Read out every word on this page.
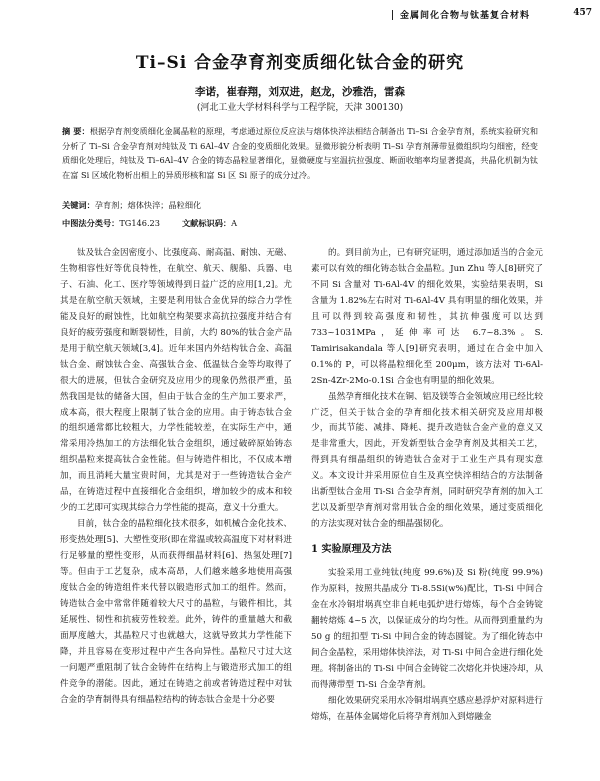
金属间化合物与钛基复合材料	457
Ti–Si 合金孕育剂变质细化钛合金的研究
李诺，崔春翔，刘双进，赵龙，沙雅浩，雷森
(河北工业大学材料科学与工程学院，天津 300130)
摘 要：根据孕育剂变质细化金属晶粒的原理，考虑通过原位反应法与熔体快淬法相结合制备出 Ti–Si 合金孕育剂，系统实验研究和分析了 Ti–Si 合金孕育剂对纯钛及 Ti 6Al–4V 合金的变质细化效果。显微形貌分析表明 Ti–Si 孕育剂薄带显微组织均匀细密，经变质细化处理后，纯钛及 Ti–6Al–4V 合金的铸态晶粒显著细化，显微硬度与室温抗拉强度、断面收缩率均显著提高，共晶化机制为钛在富 Si 区域化物析出相上的异质形核和富 Si 区 Si 原子的成分过冷。
关键词：孕育剂；熔体快淬；晶粒细化
中图法分类号：TG146.23	文献标识码：A

钛及钛合金因密度小、比强度高、耐高温、耐蚀、无磁、生物相容性好等优良特性，在航空、航天、舰船、兵器、电子、石油、化工、医疗等领域得到日益广泛的应用[1,2]。尤其是在航空航天领域，主要是利用钛合金优异的综合力学性能及良好的耐蚀性，比如航空构架要求高抗拉强度并结合有良好的疲劳强度和断裂韧性，目前，大约 80%的钛合金产品是用于航空航天领域[3,4]。近年来国内外结构钛合金、高温钛合金、耐蚀钛合金、高强钛合金、低温钛合金等均取得了很大的进展，但钛合金研究及应用少的现象仍然很严重，虽然我国是钛的储备大国，但由于钛合金的生产加工要求严，成本高，很大程度上限制了钛合金的应用。由于铸态钛合金的组织通常都比较粗大，力学性能较差，在实际生产中，通常采用冷热加工的方法细化钛合金组织，通过破碎原始铸态组织晶粒来提高钛合金性能。但与铸造件相比，不仅成本增加，而且消耗大量宝贵时间，尤其是对于一些铸造钛合金产品，在铸造过程中直接细化合金组织，增加较少的成本和较少的工艺即可实现其综合力学性能的提高，意义十分重大。

目前，钛合金的晶粒细化技术很多，如机械合金化技术、形变热处理[5]、大塑性变形(即在常温或较高温度下对材料进行足够量的塑性变形，从而获得细晶材料[6]、热氢处理[7]等。但由于工艺复杂，成本高昂，人们越来越多地使用高强度钛合金的铸造组件来代替以锻造形式加工的组件。然而，铸造钛合金中常常伴随着较大尺寸的晶粒，与锻件相比，其延展性、韧性和抗疲劳性较差。此外，铸件的重量越大和截面厚度越大，其晶粒尺寸也就越大，这就导致其力学性能下降，并且容易在变形过程中产生各向异性。晶粒尺寸过大这一问题严重阻制了钛合金铸件在结构上与锻造形式加工的组件竞争的潜能。因此，通过在铸造之前或者铸造过程中对钛合金的孕育制得具有细晶粒结构的铸态钛合金是十分必要

的。到目前为止，已有研究证明，通过添加适当的合金元素可以有效的细化铸态钛合金晶粒。Jun Zhu 等人[8]研究了不同 Si 含量对 Ti-6Al-4V 的细化效果，实验结果表明，Si 含量为 1.82%左右时对 Ti-6Al-4V 具有明显的细化效果，并且可以得到较高强度和韧性，其抗伸强度可以达到 733~1031MPa，延伸率可达 6.7~8.3%。S. Tamirisakandala 等人[9]研究表明，通过在合金中加入 0.1%的 P，可以将晶粒细化至 200μm，该方法对 Ti-6Al-2Sn-4Zr-2Mo-0.1Si 合金也有明显的细化效果。

虽然孕育细化技术在铜、铝及镁等合金领域应用已经比较广泛，但关于钛合金的孕育细化技术相关研究及应用却极少，而其节能、减排、降耗、提升改造钛合金产业的意义又是非常重大，因此，开发新型钛合金孕育剂及其相关工艺，得到具有细晶组织的铸造钛合金对于工业生产具有现实意义。本文设计并采用原位自生及真空快淬相结合的方法制备出新型钛合金用 Ti-Si 合金孕育剂，同时研究孕育剂的加入工艺以及新型孕育剂对常用钛合金的细化效果，通过变质细化的方法实现对钛合金的细晶强韧化。

1 实验原理及方法

实验采用工业纯钛(纯度 99.6%)及 Si 粉(纯度 99.9%)作为原料，按照共晶成分 Ti-8.5Si(w%)配比，Ti-Si 中间合金在水冷铜坩埚真空非自耗电弧炉进行熔炼，每个合金铸锭翻转熔炼 4~5 次，以保证成分的均匀性。从而得到重量约为 50 g 的纽扣型 Ti-Si 中间合金的铸态圆锭。为了细化铸态中间合金晶粒，采用熔体快淬法，对 Ti-Si 中间合金进行细化处理。将制备出的 Ti-Si 中间合金铸锭二次熔化并快速冷却，从而得薄带型 Ti-Si 合金孕育剂。

细化效果研究采用水冷铜坩埚真空感应悬浮炉对原料进行熔炼，在基体金属熔化后将孕育剂加入到熔融金
